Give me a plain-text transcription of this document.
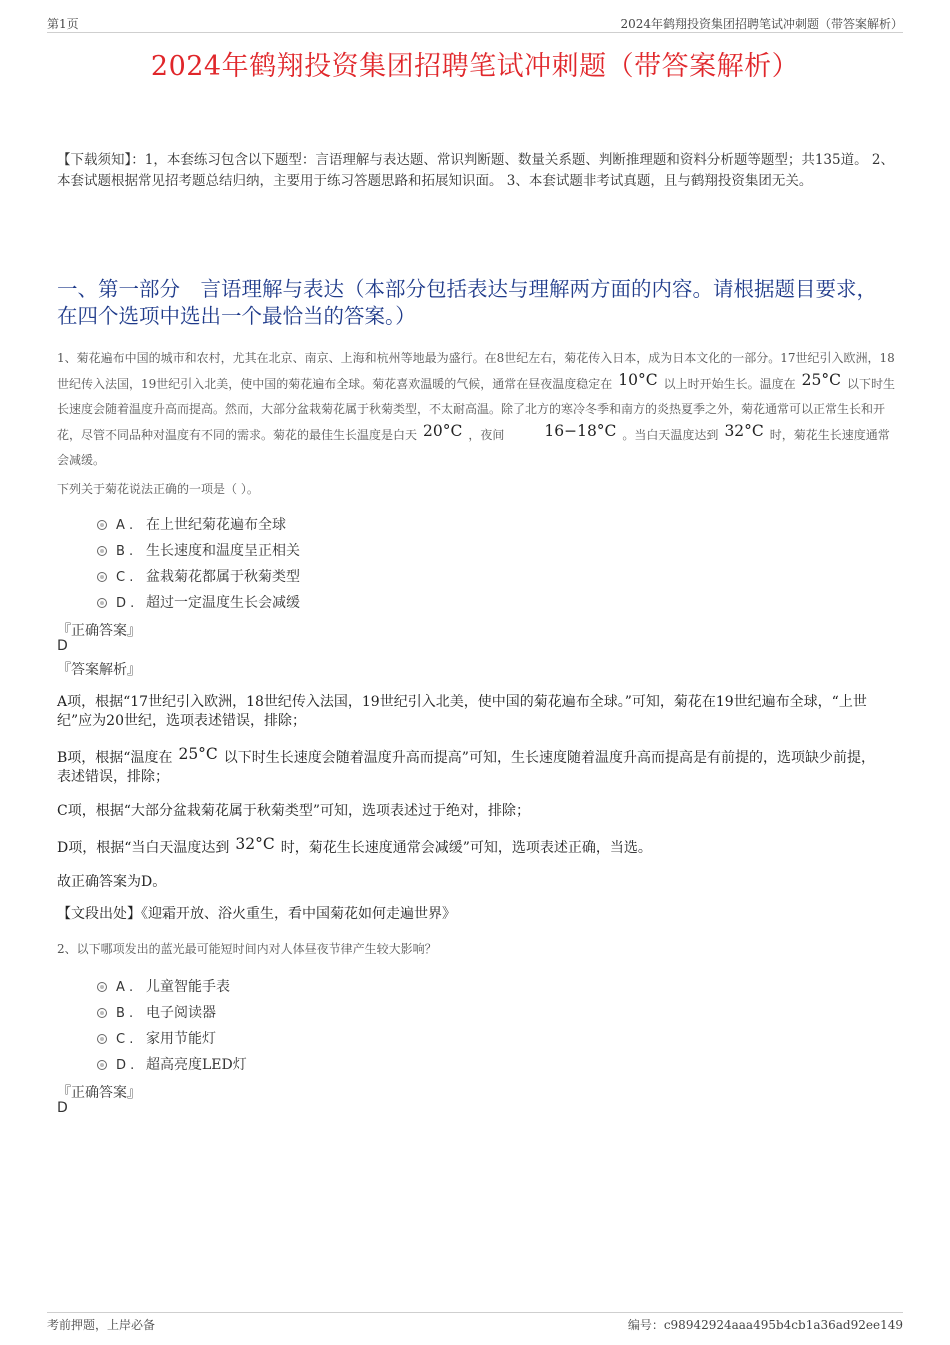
第1页	2024年鹤翔投资集团招聘笔试冲刺题（带答案解析）
2024年鹤翔投资集团招聘笔试冲刺题（带答案解析）
【下载须知】：1，本套练习包含以下题型：言语理解与表达题、常识判断题、数量关系题、判断推理题和资料分析题等题型；共135道。 2、本套试题根据常见招考题总结归纳，主要用于练习答题思路和拓展知识面。 3、本套试题非考试真题，且与鹤翔投资集团无关。
一、第一部分　言语理解与表达（本部分包括表达与理解两方面的内容。请根据题目要求，在四个选项中选出一个最恰当的答案。）
1、菊花遍布中国的城市和农村，尤其在北京、南京、上海和杭州等地最为盛行。在8世纪左右，菊花传入日本，成为日本文化的一部分。17世纪引入欧洲，18世纪传入法国，19世纪引入北美，使中国的菊花遍布全球。菊花喜欢温暖的气候，通常在昼夜温度稳定在 10°C 以上时开始生长。温度在 25°C 以下时生长速度会随着温度升高而提高。然而，大部分盆栽菊花属于秋菊类型，不太耐高温。除了北方的寒冷冬季和南方的炎热夏季之外，菊花通常可以正常生长和开花，尽管不同品种对温度有不同的需求。菊花的最佳生长温度是白天 20°C ，夜间	16−18°C 。当白天温度达到 32°C 时，菊花生长速度通常会减缓。
下列关于菊花说法正确的一项是（ ）。
A . 在上世纪菊花遍布全球
B . 生长速度和温度呈正相关
C . 盆栽菊花都属于秋菊类型
D . 超过一定温度生长会减缓
『正确答案』
D
『答案解析』
A项，根据“17世纪引入欧洲，18世纪传入法国，19世纪引入北美，使中国的菊花遍布全球。”可知，菊花在19世纪遍布全球，“上世纪”应为20世纪，选项表述错误，排除；
B项，根据“温度在 25°C 以下时生长速度会随着温度升高而提高”可知，生长速度随着温度升高而提高是有前提的，选项缺少前提，表述错误，排除；
C项，根据“大部分盆栽菊花属于秋菊类型”可知，选项表述过于绝对，排除；
D项，根据“当白天温度达到 32°C 时，菊花生长速度通常会减缓”可知，选项表述正确，当选。
故正确答案为D。
【文段出处】《迎霜开放、浴火重生，看中国菊花如何走遍世界》
2、以下哪项发出的蓝光最可能短时间内对人体昼夜节律产生较大影响？
A . 儿童智能手表
B . 电子阅读器
C . 家用节能灯
D . 超高亮度LED灯
『正确答案』
D
考前押题，上岸必备	编号：c98942924aaa495b4cb1a36ad92ee149
